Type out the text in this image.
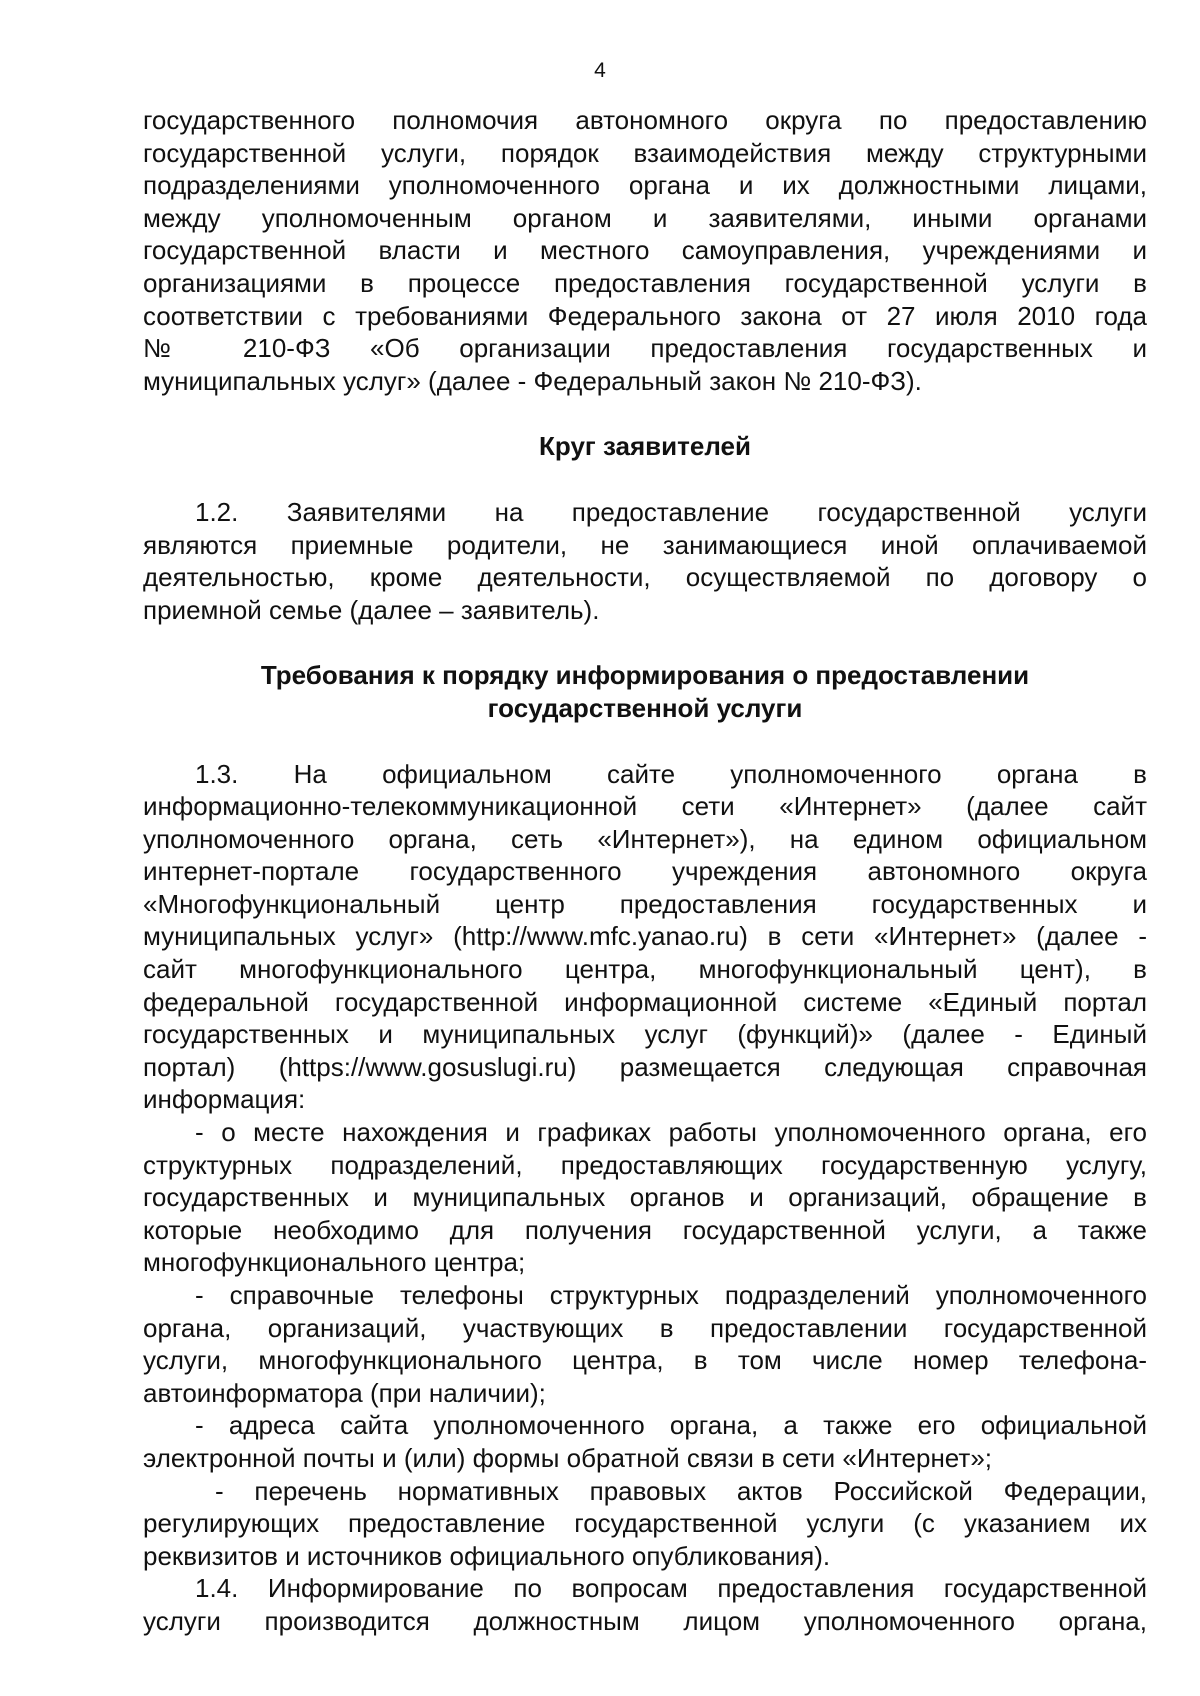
4
государственного полномочия автономного округа по предоставлению
государственной услуги, порядок взаимодействия между структурными
подразделениями уполномоченного органа и их должностными лицами,
между уполномоченным органом и заявителями, иными органами
государственной власти и местного самоуправления, учреждениями и
организациями в процессе предоставления государственной услуги в
соответствии с требованиями Федерального закона от 27 июля 2010 года
№ 210-ФЗ «Об организации предоставления государственных и
муниципальных услуг» (далее - Федеральный закон № 210-ФЗ).
Круг заявителей
1.2. Заявителями на предоставление государственной услуги
являются приемные родители, не занимающиеся иной оплачиваемой
деятельностью, кроме деятельности, осуществляемой по договору о
приемной семье (далее – заявитель).
Требования к порядку информирования о предоставлении
государственной услуги
1.3. На официальном сайте уполномоченного органа в
информационно-телекоммуникационной сети «Интернет» (далее сайт
уполномоченного органа, сеть «Интернет»), на едином официальном
интернет-портале государственного учреждения автономного округа
«Многофункциональный центр предоставления государственных и
муниципальных услуг» (http://www.mfc.yanao.ru) в сети «Интернет» (далее -
сайт многофункционального центра, многофункциональный цент), в
федеральной государственной информационной системе «Единый портал
государственных и муниципальных услуг (функций)» (далее - Единый
портал) (https://www.gosuslugi.ru) размещается следующая справочная
информация:
- о месте нахождения и графиках работы уполномоченного органа, его
структурных подразделений, предоставляющих государственную услугу,
государственных и муниципальных органов и организаций, обращение в
которые необходимо для получения государственной услуги, а также
многофункционального центра;
- справочные телефоны структурных подразделений уполномоченного
органа, организаций, участвующих в предоставлении государственной
услуги, многофункционального центра, в том числе номер телефона-
автоинформатора (при наличии);
- адреса сайта уполномоченного органа, а также его официальной
электронной почты и (или) формы обратной связи в сети «Интернет»;
- перечень нормативных правовых актов Российской Федерации,
регулирующих предоставление государственной услуги (с указанием их
реквизитов и источников официального опубликования).
1.4. Информирование по вопросам предоставления государственной
услуги производится должностным лицом уполномоченного органа,
